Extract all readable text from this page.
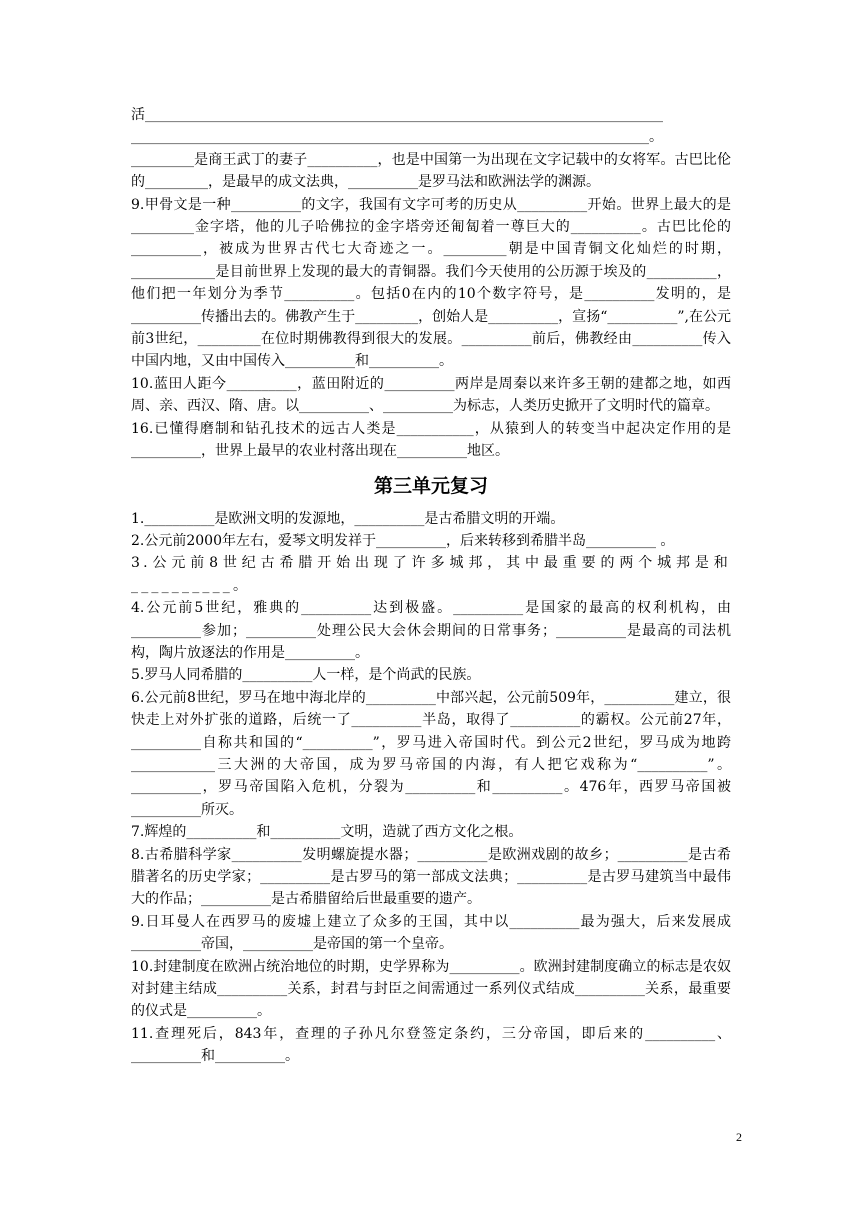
活__________________________________________________________________________

__________________________________________________________________________。

_________是商王武丁的妻子__________，也是中国第一为出现在文字记载中的女将军。古巴比伦的_________，是最早的成文法典，__________是罗马法和欧洲法学的渊源。

9.甲骨文是一种__________的文字，我国有文字可考的历史从__________开始。世界上最大的是_________金字塔，他的儿子哈佛拉的金字塔旁还匍匐着一尊巨大的__________。古巴比伦的__________，被成为世界古代七大奇迹之一。_________朝是中国青铜文化灿烂的时期，____________是目前世界上发现的最大的青铜器。我们今天使用的公历源于埃及的__________，他们把一年划分为季节__________。包括0在内的10个数字符号，是__________发明的，是__________传播出去的。佛教产生于_________，创始人是__________，宣扬“__________”,在公元前3世纪，_________在位时期佛教得到很大的发展。__________前后，佛教经由__________传入中国内地，又由中国传入__________和__________。

10.蓝田人距今__________，蓝田附近的__________两岸是周秦以来许多王朝的建都之地，如西周、亲、西汉、隋、唐。以__________、__________为标志，人类历史掀开了文明时代的篇章。

16.已懂得磨制和钻孔技术的远古人类是___________，从猿到人的转变当中起决定作用的是__________，世界上最早的农业村落出现在__________地区。

第三单元复习

1.__________是欧洲文明的发源地，__________是古希腊文明的开端。

2.公元前2000年左右，爱琴文明发祥于__________，后来转移到希腊半岛__________ 。

3.公元前8世纪古希腊开始出现了许多城邦，其中最重要的两个城邦是和__________。

4.公元前5世纪，雅典的__________达到极盛。__________是国家的最高的权利机构，由__________参加；__________处理公民大会休会期间的日常事务；__________是最高的司法机构，陶片放逐法的作用是__________。

5.罗马人同希腊的__________人一样，是个尚武的民族。

6.公元前8世纪，罗马在地中海北岸的__________中部兴起，公元前509年，__________建立，很快走上对外扩张的道路，后统一了__________半岛，取得了__________的霸权。公元前27年，__________自称共和国的“__________”，罗马进入帝国时代。到公元2世纪，罗马成为地跨____________三大洲的大帝国，成为罗马帝国的内海，有人把它戏称为“__________”。__________，罗马帝国陷入危机，分裂为__________和__________。476年，西罗马帝国被__________所灭。

7.辉煌的__________和__________文明，造就了西方文化之根。

8.古希腊科学家__________发明螺旋提水器；__________是欧洲戏剧的故乡；__________是古希腊著名的历史学家；__________是古罗马的第一部成文法典；__________是古罗马建筑当中最伟大的作品；__________是古希腊留给后世最重要的遗产。

9.日耳曼人在西罗马的废墟上建立了众多的王国，其中以__________最为强大，后来发展成__________帝国，__________是帝国的第一个皇帝。

10.封建制度在欧洲占统治地位的时期，史学界称为__________。欧洲封建制度确立的标志是农奴对封建主结成__________关系，封君与封臣之间需通过一系列仪式结成__________关系，最重要的仪式是__________。

11.查理死后，843年，查理的子孙凡尔登签定条约，三分帝国，即后来的__________、__________和__________。

2
